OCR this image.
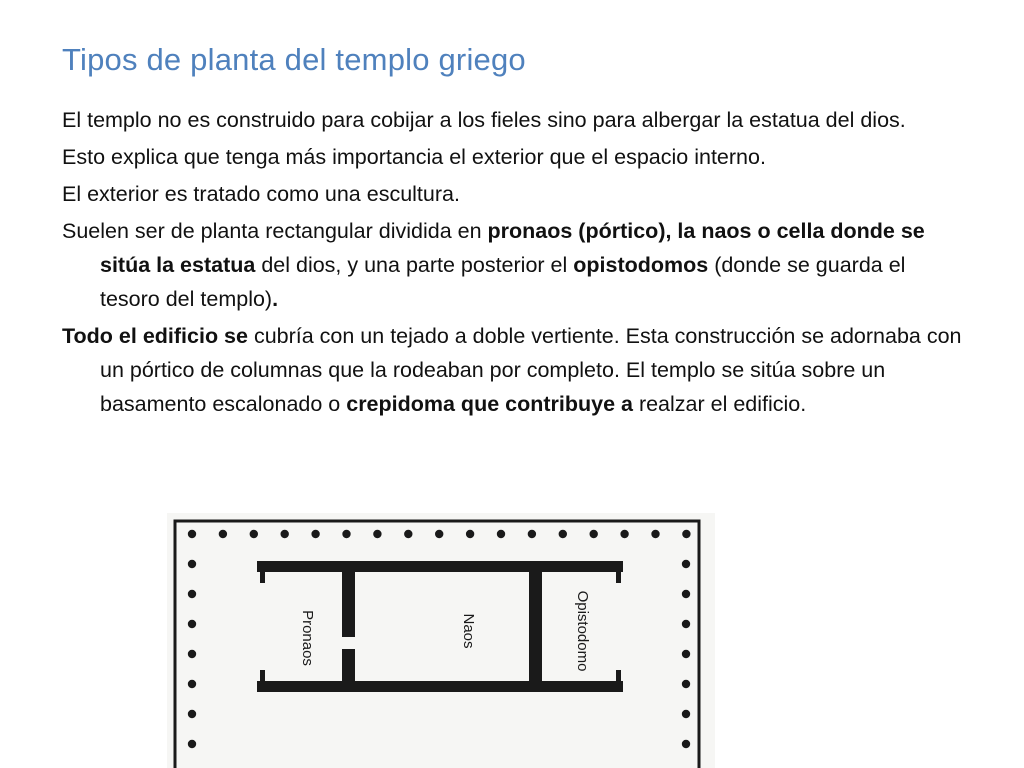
Tipos de planta del templo griego

El templo no es construido para cobijar a los fieles sino para albergar la estatua del dios.

Esto explica que tenga más importancia el exterior que el espacio interno.

El exterior es tratado como una escultura.

Suelen ser de planta rectangular dividida en pronaos (pórtico), la naos o cella donde se sitúa la estatua del dios, y una parte posterior el opistodomos (donde se guarda el tesoro del templo).

Todo el edificio se cubría con un tejado a doble vertiente. Esta construcción se adornaba con un pórtico de columnas que la rodeaban por completo. El templo se sitúa sobre un basamento escalonado o crepidoma que contribuye a realzar el edificio.

Pronaos	Naos	Opistodomo
